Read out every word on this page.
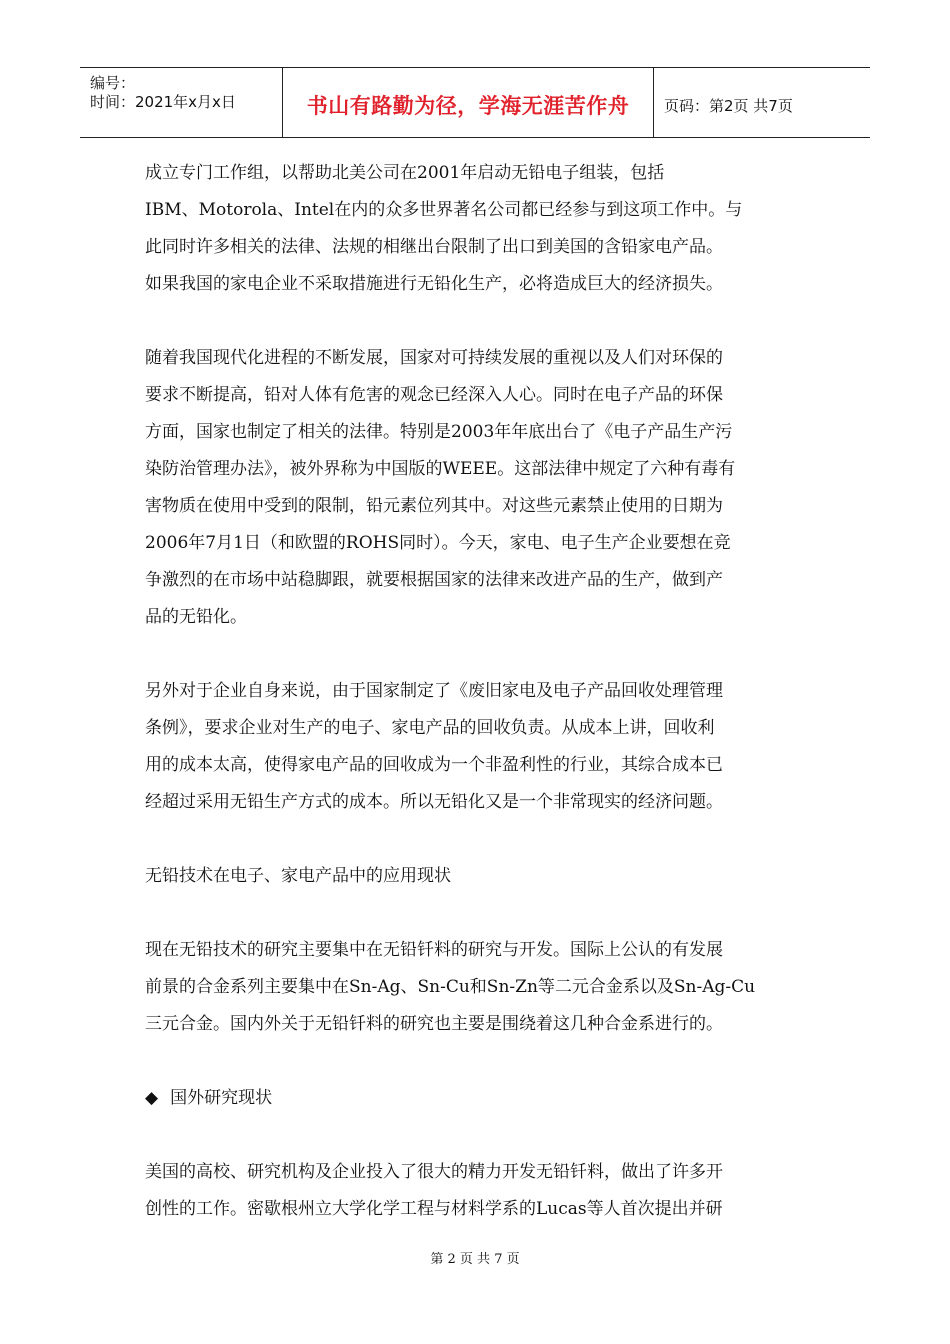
编号：
时间：2021年x月x日	书山有路勤为径，学海无涯苦作舟	页码：第2页 共7页
成立专门工作组，以帮助北美公司在2001年启动无铅电子组装，包括
IBM、Motorola、Intel在内的众多世界著名公司都已经参与到这项工作中。与
此同时许多相关的法律、法规的相继出台限制了出口到美国的含铅家电产品。
如果我国的家电企业不采取措施进行无铅化生产，必将造成巨大的经济损失。
随着我国现代化进程的不断发展，国家对可持续发展的重视以及人们对环保的
要求不断提高，铅对人体有危害的观念已经深入人心。同时在电子产品的环保
方面，国家也制定了相关的法律。特别是2003年年底出台了《电子产品生产污
染防治管理办法》，被外界称为中国版的WEEE。这部法律中规定了六种有毒有
害物质在使用中受到的限制，铅元素位列其中。对这些元素禁止使用的日期为
2006年7月1日（和欧盟的ROHS同时）。今天，家电、电子生产企业要想在竞
争激烈的在市场中站稳脚跟，就要根据国家的法律来改进产品的生产，做到产
品的无铅化。
另外对于企业自身来说，由于国家制定了《废旧家电及电子产品回收处理管理
条例》，要求企业对生产的电子、家电产品的回收负责。从成本上讲，回收利
用的成本太高，使得家电产品的回收成为一个非盈利性的行业，其综合成本已
经超过采用无铅生产方式的成本。所以无铅化又是一个非常现实的经济问题。
无铅技术在电子、家电产品中的应用现状
现在无铅技术的研究主要集中在无铅钎料的研究与开发。国际上公认的有发展
前景的合金系列主要集中在Sn-Ag、Sn-Cu和Sn-Zn等二元合金系以及Sn-Ag-Cu
三元合金。国内外关于无铅钎料的研究也主要是围绕着这几种合金系进行的。
◆ 国外研究现状
美国的高校、研究机构及企业投入了很大的精力开发无铅钎料，做出了许多开
创性的工作。密歇根州立大学化学工程与材料学系的Lucas等人首次提出并研
第 2 页 共 7 页
